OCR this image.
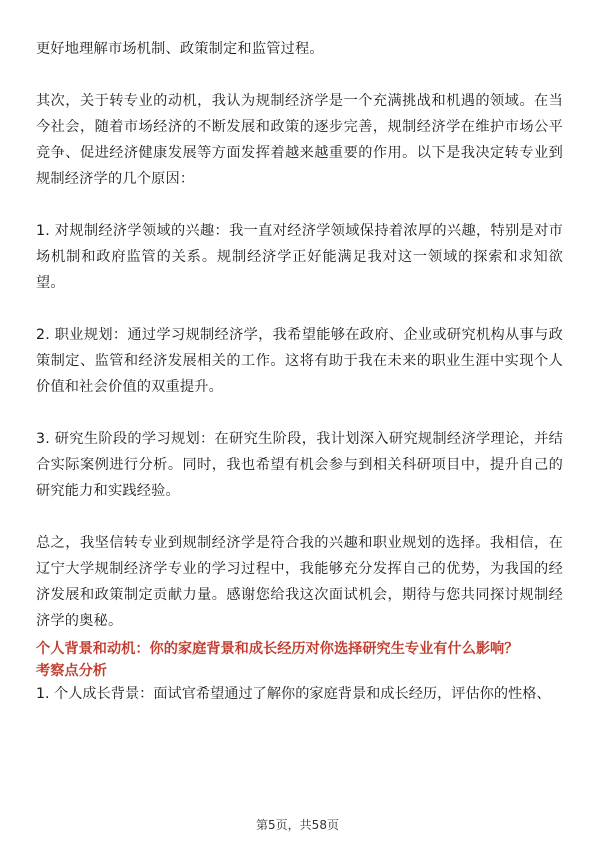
更好地理解市场机制、政策制定和监管过程。

其次，关于转专业的动机，我认为规制经济学是一个充满挑战和机遇的领域。在当今社会，随着市场经济的不断发展和政策的逐步完善，规制经济学在维护市场公平竞争、促进经济健康发展等方面发挥着越来越重要的作用。以下是我决定转专业到规制经济学的几个原因：

1. 对规制经济学领域的兴趣：我一直对经济学领域保持着浓厚的兴趣，特别是对市场机制和政府监管的关系。规制经济学正好能满足我对这一领域的探索和求知欲望。

2. 职业规划：通过学习规制经济学，我希望能够在政府、企业或研究机构从事与政策制定、监管和经济发展相关的工作。这将有助于我在未来的职业生涯中实现个人价值和社会价值的双重提升。

3. 研究生阶段的学习规划：在研究生阶段，我计划深入研究规制经济学理论，并结合实际案例进行分析。同时，我也希望有机会参与到相关科研项目中，提升自己的研究能力和实践经验。

总之，我坚信转专业到规制经济学是符合我的兴趣和职业规划的选择。我相信，在辽宁大学规制经济学专业的学习过程中，我能够充分发挥自己的优势，为我国的经济发展和政策制定贡献力量。感谢您给我这次面试机会，期待与您共同探讨规制经济学的奥秘。

个人背景和动机：你的家庭背景和成长经历对你选择研究生专业有什么影响？

考察点分析

1. 个人成长背景：面试官希望通过了解你的家庭背景和成长经历，评估你的性格、

第5页，共58页
